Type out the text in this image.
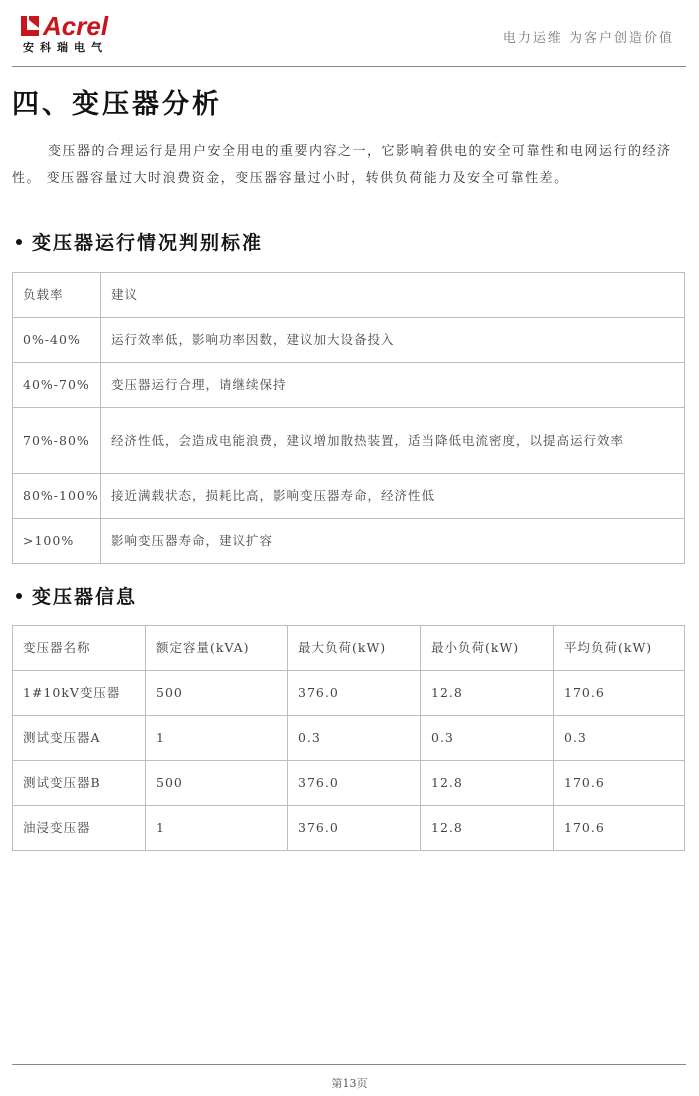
Acrel
安科瑞电气
电力运维 为客户创造价值
四、变压器分析

变压器的合理运行是用户安全用电的重要内容之一，它影响着供电的安全可靠性和电网运行的经济性。 变压器容量过大时浪费资金，变压器容量过小时，转供负荷能力及安全可靠性差。

变压器运行情况判别标准
负载率	建议
0%-40%	运行效率低，影响功率因数，建议加大设备投入
40%-70%	变压器运行合理，请继续保持
70%-80%	经济性低，会造成电能浪费，建议增加散热装置，适当降低电流密度，以提高运行效率
80%-100%	接近满载状态，损耗比高，影响变压器寿命，经济性低
>100%	影响变压器寿命，建议扩容
变压器信息
变压器名称	额定容量(kVA)	最大负荷(kW)	最小负荷(kW)	平均负荷(kW)
1#10kV变压器	500	376.0	12.8	170.6
测试变压器A	1	0.3	0.3	0.3
测试变压器B	500	376.0	12.8	170.6
油浸变压器	1	376.0	12.8	170.6
第13页
